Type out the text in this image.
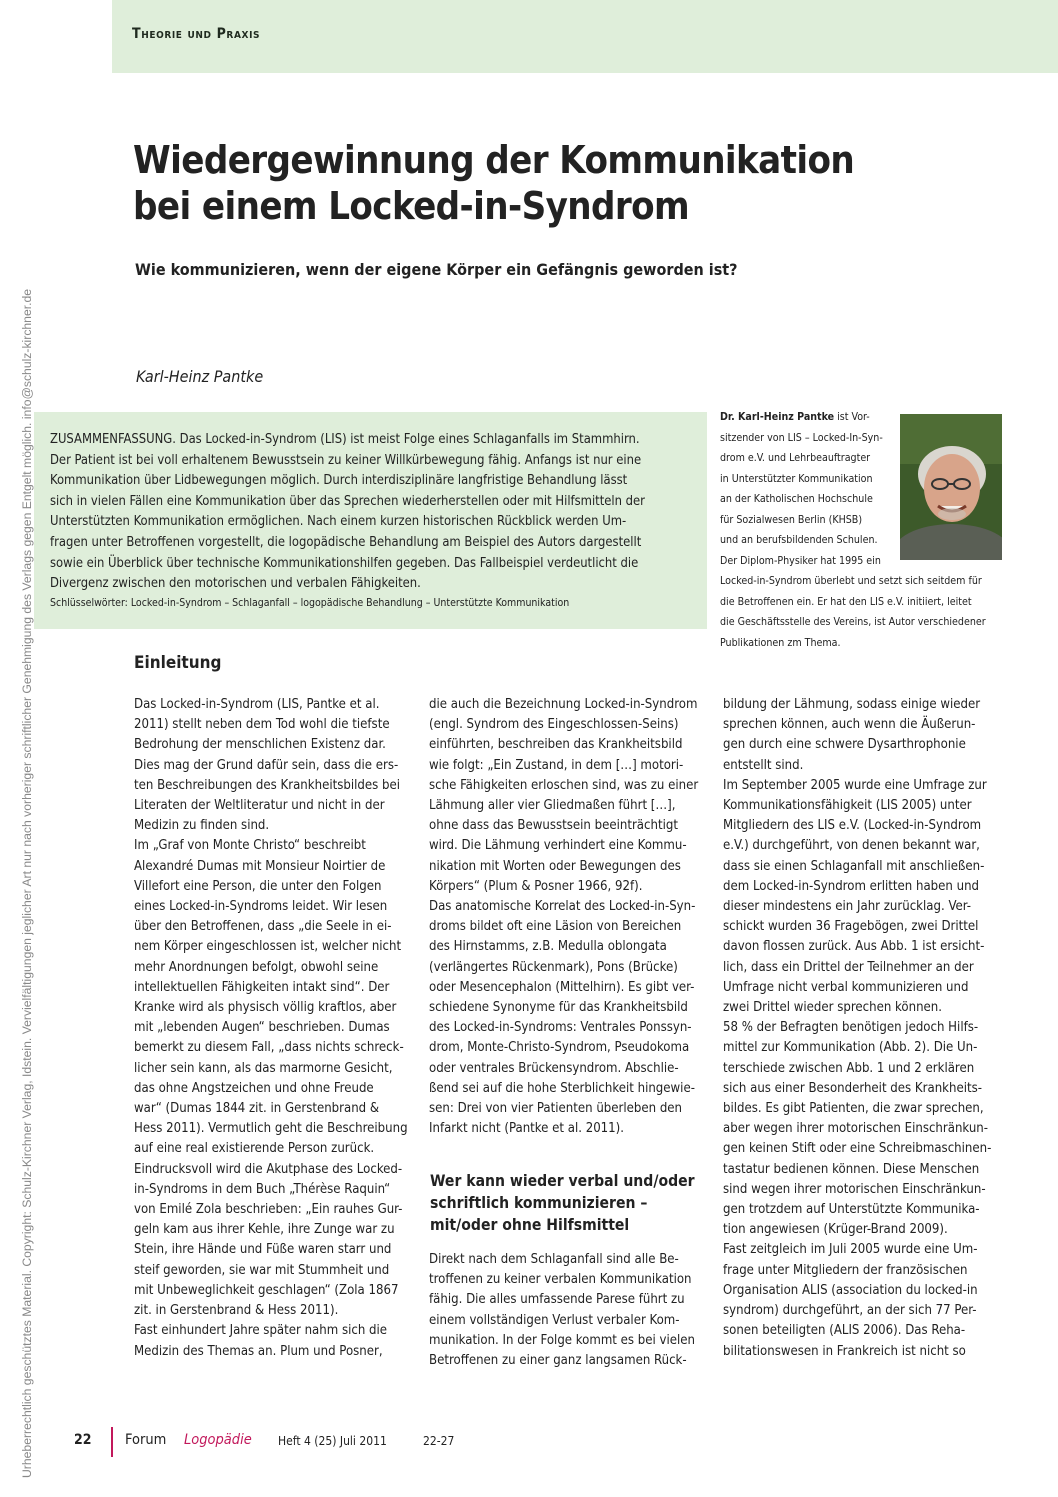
Theorie und Praxis
Urheberrechtlich geschütztes Material. Copyright: Schulz-Kirchner Verlag, Idstein. Vervielfältigungen jeglicher Art nur nach vorheriger schriftlicher Genehmigung des Verlags gegen Entgelt möglich. info@schulz-kirchner.de
Wiedergewinnung der Kommunikation
bei einem Locked-in-Syndrom
Wie kommunizieren, wenn der eigene Körper ein Gefängnis geworden ist?
Karl-Heinz Pantke
ZUSAMMENFASSUNG. Das Locked-in-Syndrom (LIS) ist meist Folge eines Schlaganfalls im Stammhirn.
Der Patient ist bei voll erhaltenem Bewusstsein zu keiner Willkürbewegung fähig. Anfangs ist nur eine
Kommunikation über Lidbewegungen möglich. Durch interdisziplinäre langfristige Behandlung lässt
sich in vielen Fällen eine Kommunikation über das Sprechen wiederherstellen oder mit Hilfsmitteln der
Unterstützten Kommunikation ermöglichen. Nach einem kurzen historischen Rückblick werden Um-
fragen unter Betroffenen vorgestellt, die logopädische Behandlung am Beispiel des Autors dargestellt
sowie ein Überblick über technische Kommunikationshilfen gegeben. Das Fallbeispiel verdeutlicht die
Divergenz zwischen den motorischen und verbalen Fähigkeiten.
Schlüsselwörter: Locked-in-Syndrom – Schlaganfall – logopädische Behandlung – Unterstützte Kommunikation
Dr. Karl-Heinz Pantke ist Vor-
sitzender von LIS – Locked-In-Syn-
drom e.V. und Lehrbeauftragter
in Unterstützter Kommunikation
an der Katholischen Hochschule
für Sozialwesen Berlin (KHSB)
und an berufsbildenden Schulen.
Der Diplom-Physiker hat 1995 ein
Locked-in-Syndrom überlebt und setzt sich seitdem für
die Betroffenen ein. Er hat den LIS e.V. initiiert, leitet
die Geschäftsstelle des Vereins, ist Autor verschiedener
Publikationen zm Thema.
Einleitung
Das Locked-in-Syndrom (LIS, Pantke et al.
2011) stellt neben dem Tod wohl die tiefste
Bedrohung der menschlichen Existenz dar.
Dies mag der Grund dafür sein, dass die ers-
ten Beschreibungen des Krankheitsbildes bei
Literaten der Weltliteratur und nicht in der
Medizin zu finden sind.
Im „Graf von Monte Christo“ beschreibt
Alexandré Dumas mit Monsieur Noirtier de
Villefort eine Person, die unter den Folgen
eines Locked-in-Syndroms leidet. Wir lesen
über den Betroffenen, dass „die Seele in ei-
nem Körper eingeschlossen ist, welcher nicht
mehr Anordnungen befolgt, obwohl seine
intellektuellen Fähigkeiten intakt sind“. Der
Kranke wird als physisch völlig kraftlos, aber
mit „lebenden Augen“ beschrieben. Dumas
bemerkt zu diesem Fall, „dass nichts schreck-
licher sein kann, als das marmorne Gesicht,
das ohne Angstzeichen und ohne Freude
war“ (Dumas 1844 zit. in Gerstenbrand &
Hess 2011). Vermutlich geht die Beschreibung
auf eine real existierende Person zurück.
Eindrucksvoll wird die Akutphase des Locked-
in-Syndroms in dem Buch „Thérèse Raquin“
von Emilé Zola beschrieben: „Ein rauhes Gur-
geln kam aus ihrer Kehle, ihre Zunge war zu
Stein, ihre Hände und Füße waren starr und
steif geworden, sie war mit Stummheit und
mit Unbeweglichkeit geschlagen“ (Zola 1867
zit. in Gerstenbrand & Hess 2011).
Fast einhundert Jahre später nahm sich die
Medizin des Themas an. Plum und Posner,
die auch die Bezeichnung Locked-in-Syndrom
(engl. Syndrom des Eingeschlossen-Seins)
einführten, beschreiben das Krankheitsbild
wie folgt: „Ein Zustand, in dem […] motori-
sche Fähigkeiten erloschen sind, was zu einer
Lähmung aller vier Gliedmaßen führt […],
ohne dass das Bewusstsein beeinträchtigt
wird. Die Lähmung verhindert eine Kommu-
nikation mit Worten oder Bewegungen des
Körpers“ (Plum & Posner 1966, 92f).
Das anatomische Korrelat des Locked-in-Syn-
droms bildet oft eine Läsion von Bereichen
des Hirnstamms, z.B. Medulla oblongata
(verlängertes Rückenmark), Pons (Brücke)
oder Mesencephalon (Mittelhirn). Es gibt ver-
schiedene Synonyme für das Krankheitsbild
des Locked-in-Syndroms: Ventrales Ponssyn-
drom, Monte-Christo-Syndrom, Pseudokoma
oder ventrales Brückensyndrom. Abschlie-
ßend sei auf die hohe Sterblichkeit hingewie-
sen: Drei von vier Patienten überleben den
Infarkt nicht (Pantke et al. 2011).
Wer kann wieder verbal und/oder
schriftlich kommunizieren –
mit/oder ohne Hilfsmittel
Direkt nach dem Schlaganfall sind alle Be-
troffenen zu keiner verbalen Kommunikation
fähig. Die alles umfassende Parese führt zu
einem vollständigen Verlust verbaler Kom-
munikation. In der Folge kommt es bei vielen
Betroffenen zu einer ganz langsamen Rück-
bildung der Lähmung, sodass einige wieder
sprechen können, auch wenn die Äußerun-
gen durch eine schwere Dysarthrophonie
entstellt sind.
Im September 2005 wurde eine Umfrage zur
Kommunikationsfähigkeit (LIS 2005) unter
Mitgliedern des LIS e.V. (Locked-in-Syndrom
e.V.) durchgeführt, von denen bekannt war,
dass sie einen Schlaganfall mit anschließen-
dem Locked-in-Syndrom erlitten haben und
dieser mindestens ein Jahr zurücklag. Ver-
schickt wurden 36 Fragebögen, zwei Drittel
davon flossen zurück. Aus Abb. 1 ist ersicht-
lich, dass ein Drittel der Teilnehmer an der
Umfrage nicht verbal kommunizieren und
zwei Drittel wieder sprechen können.
58 % der Befragten benötigen jedoch Hilfs-
mittel zur Kommunikation (Abb. 2). Die Un-
terschiede zwischen Abb. 1 und 2 erklären
sich aus einer Besonderheit des Krankheits-
bildes. Es gibt Patienten, die zwar sprechen,
aber wegen ihrer motorischen Einschränkun-
gen keinen Stift oder eine Schreibmaschinen-
tastatur bedienen können. Diese Menschen
sind wegen ihrer motorischen Einschränkun-
gen trotzdem auf Unterstützte Kommunika-
tion angewiesen (Krüger-Brand 2009).
Fast zeitgleich im Juli 2005 wurde eine Um-
frage unter Mitgliedern der französischen
Organisation ALIS (association du locked-in
syndrom) durchgeführt, an der sich 77 Per-
sonen beteiligten (ALIS 2006). Das Reha-
bilitationswesen in Frankreich ist nicht so
22 Forum Logopädie Heft 4 (25) Juli 2011	22-27
